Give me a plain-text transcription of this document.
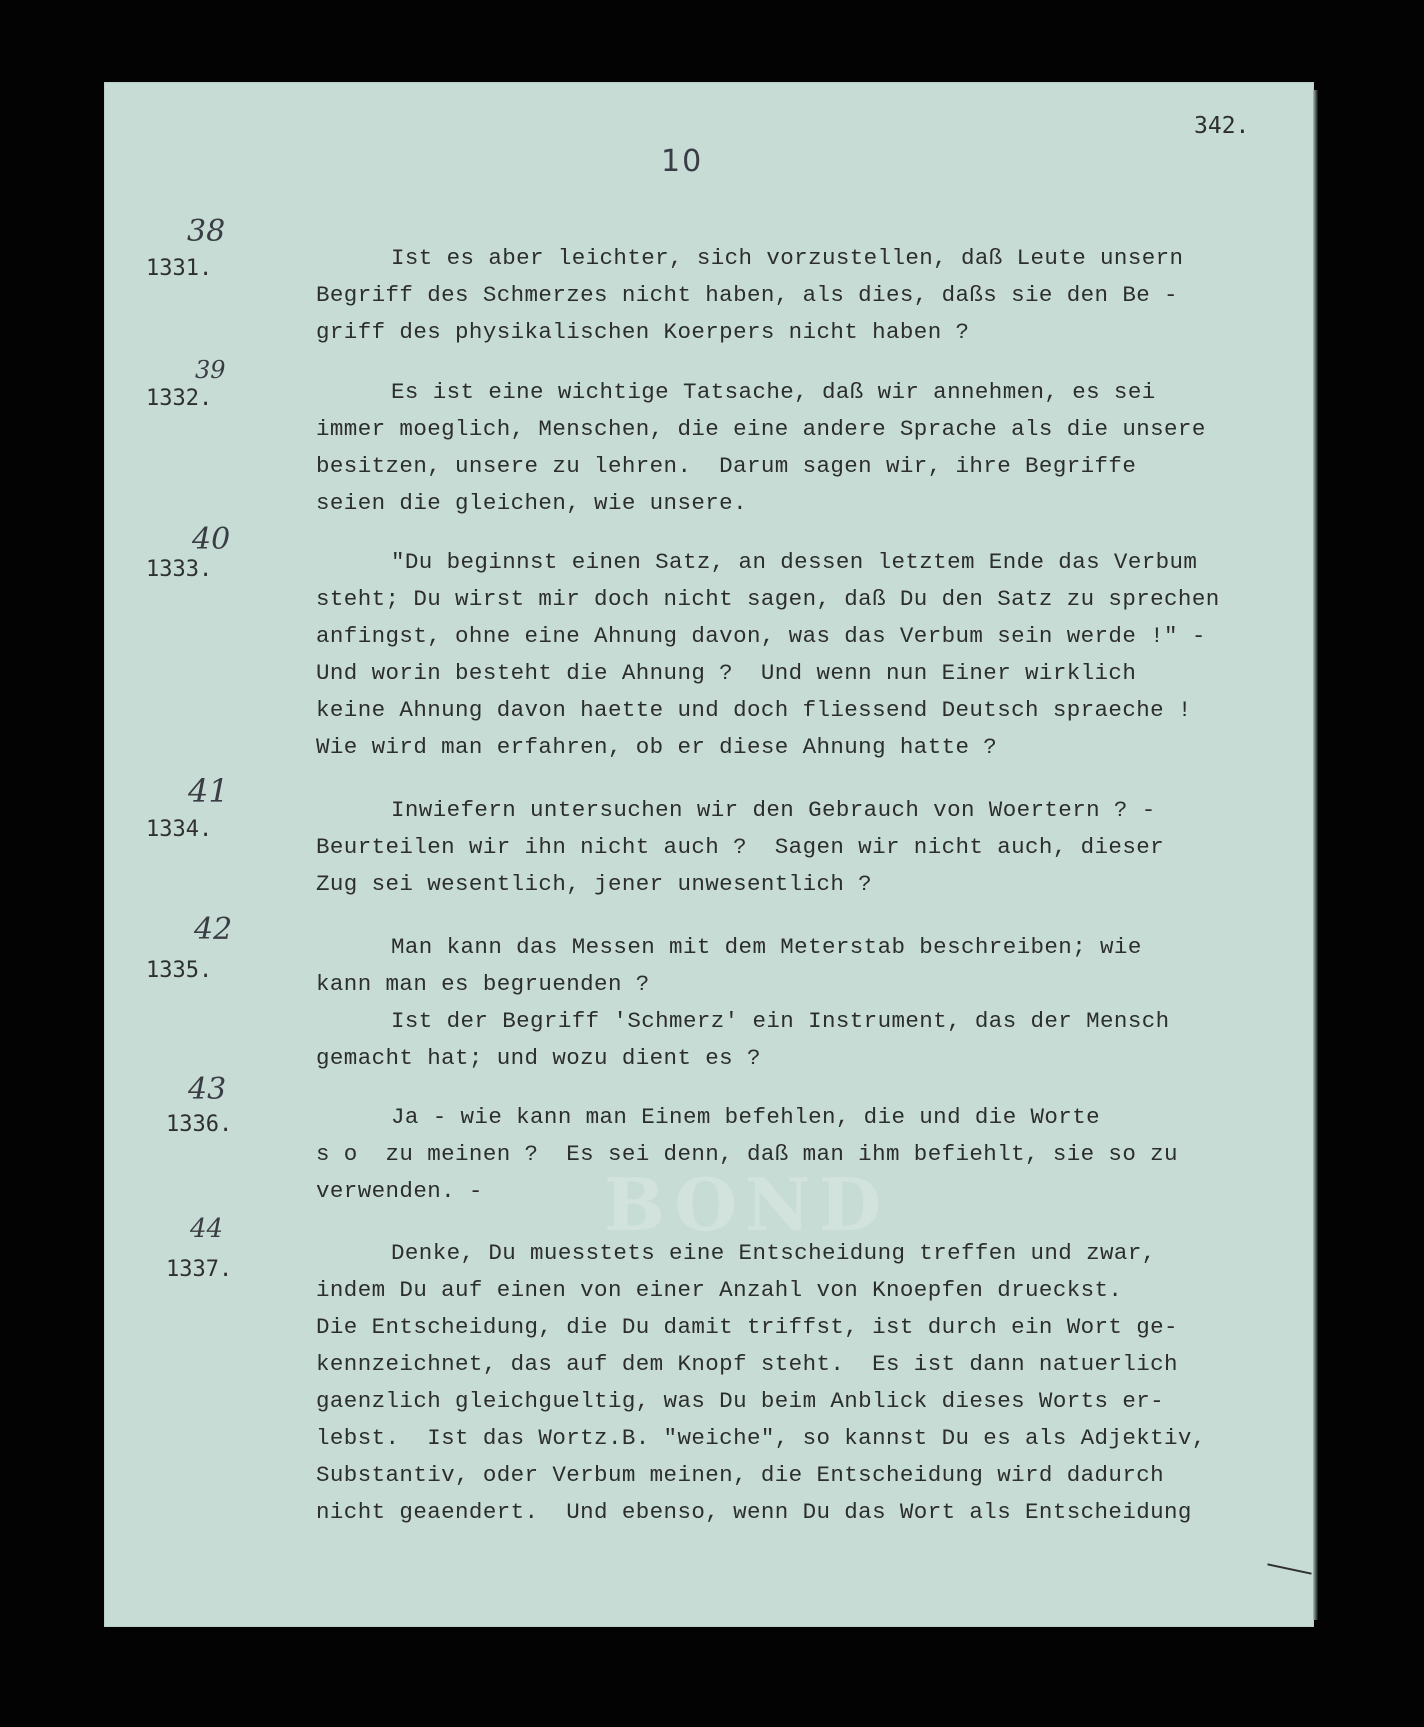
BOND
342.
10
38
1331.	Ist es aber leichter, sich vorzustellen, daß Leute unsern
Begriff des Schmerzes nicht haben, als dies, daßs sie den Be -
griff des physikalischen Koerpers nicht haben ?
39
1332.	Es ist eine wichtige Tatsache, daß wir annehmen, es sei
immer moeglich, Menschen, die eine andere Sprache als die unsere
besitzen, unsere zu lehren.  Darum sagen wir, ihre Begriffe
seien die gleichen, wie unsere.
40
1333.	"Du beginnst einen Satz, an dessen letztem Ende das Verbum
steht; Du wirst mir doch nicht sagen, daß Du den Satz zu sprechen
anfingst, ohne eine Ahnung davon, was das Verbum sein werde !" -
Und worin besteht die Ahnung ?  Und wenn nun Einer wirklich
keine Ahnung davon haette und doch fliessend Deutsch spraeche !
Wie wird man erfahren, ob er diese Ahnung hatte ?
41
1334.
Inwiefern untersuchen wir den Gebrauch von Woertern ? -
Beurteilen wir ihn nicht auch ?  Sagen wir nicht auch, dieser
Zug sei wesentlich, jener unwesentlich ?
42
1335.
Man kann das Messen mit dem Meterstab beschreiben; wie
kann man es begruenden ?
Ist der Begriff 'Schmerz' ein Instrument, das der Mensch
gemacht hat; und wozu dient es ?
43
1336.	Ja - wie kann man Einem befehlen, die und die Worte
s o  zu meinen ?  Es sei denn, daß man ihm befiehlt, sie so zu
verwenden. -
44
1337.
Denke, Du muesstets eine Entscheidung treffen und zwar,
indem Du auf einen von einer Anzahl von Knoepfen drueckst.
Die Entscheidung, die Du damit triffst, ist durch ein Wort ge-
kennzeichnet, das auf dem Knopf steht.  Es ist dann natuerlich
gaenzlich gleichgueltig, was Du beim Anblick dieses Worts er-
lebst.  Ist das Wortz.B. "weiche", so kannst Du es als Adjektiv,
Substantiv, oder Verbum meinen, die Entscheidung wird dadurch
nicht geaendert.  Und ebenso, wenn Du das Wort als Entscheidung
